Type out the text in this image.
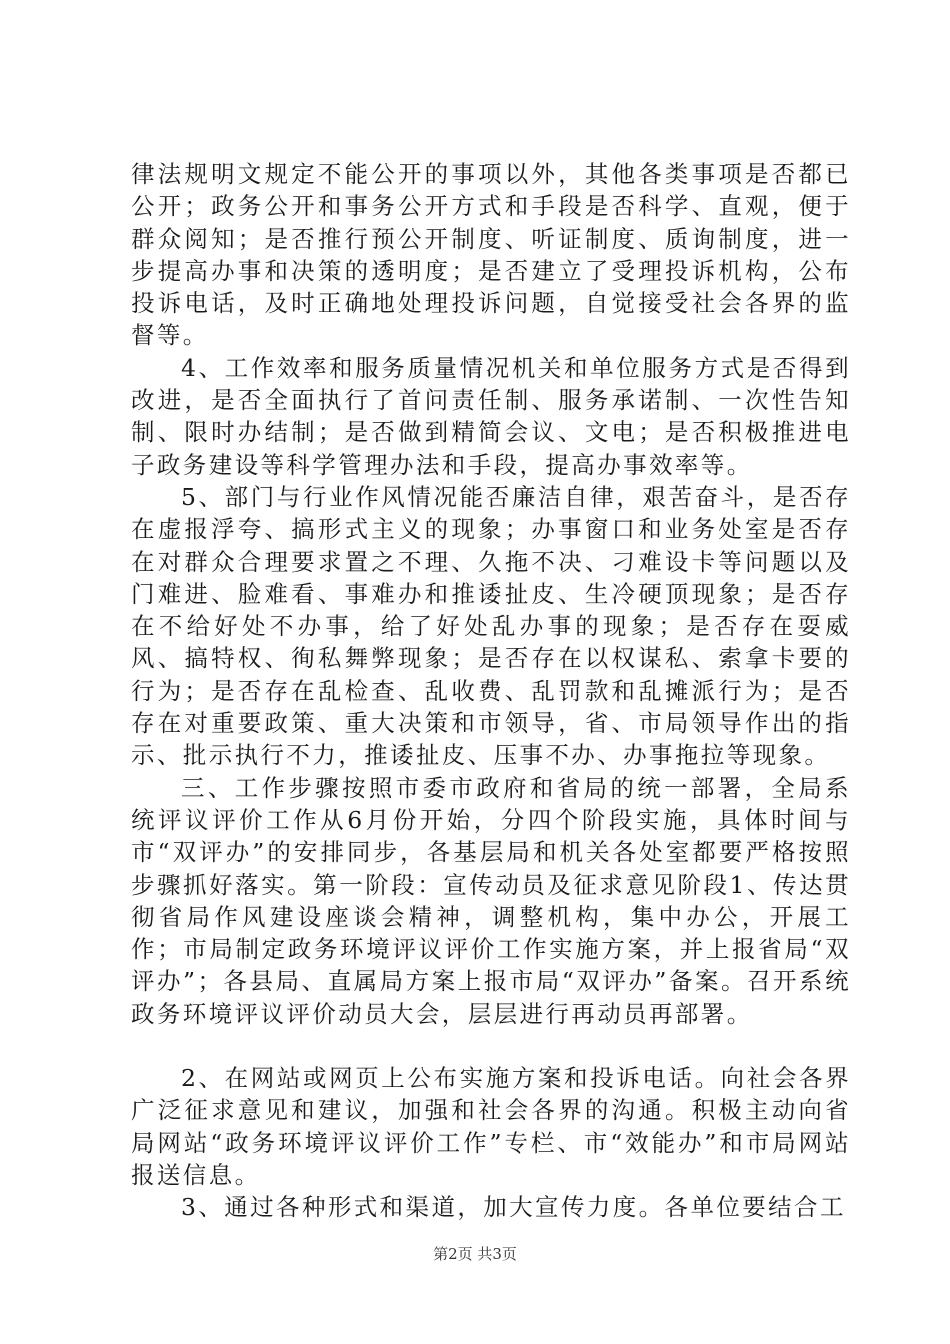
律法规明文规定不能公开的事项以外，其他各类事项是否都已公开；政务公开和事务公开方式和手段是否科学、直观，便于群众阅知；是否推行预公开制度、听证制度、质询制度，进一步提高办事和决策的透明度；是否建立了受理投诉机构，公布投诉电话，及时正确地处理投诉问题，自觉接受社会各界的监督等。

4、工作效率和服务质量情况机关和单位服务方式是否得到改进，是否全面执行了首问责任制、服务承诺制、一次性告知制、限时办结制；是否做到精简会议、文电；是否积极推进电子政务建设等科学管理办法和手段，提高办事效率等。

5、部门与行业作风情况能否廉洁自律，艰苦奋斗，是否存在虚报浮夸、搞形式主义的现象；办事窗口和业务处室是否存在对群众合理要求置之不理、久拖不决、刁难设卡等问题以及门难进、脸难看、事难办和推诿扯皮、生冷硬顶现象；是否存在不给好处不办事，给了好处乱办事的现象；是否存在耍威风、搞特权、徇私舞弊现象；是否存在以权谋私、索拿卡要的行为；是否存在乱检查、乱收费、乱罚款和乱摊派行为；是否存在对重要政策、重大决策和市领导，省、市局领导作出的指示、批示执行不力，推诿扯皮、压事不办、办事拖拉等现象。

三、工作步骤按照市委市政府和省局的统一部署，全局系统评议评价工作从6月份开始，分四个阶段实施，具体时间与市“双评办”的安排同步，各基层局和机关各处室都要严格按照步骤抓好落实。第一阶段：宣传动员及征求意见阶段1、传达贯彻省局作风建设座谈会精神，调整机构，集中办公，开展工作；市局制定政务环境评议评价工作实施方案，并上报省局“双评办”；各县局、直属局方案上报市局“双评办”备案。召开系统政务环境评议评价动员大会，层层进行再动员再部署。

2、在网站或网页上公布实施方案和投诉电话。向社会各界广泛征求意见和建议，加强和社会各界的沟通。积极主动向省局网站“政务环境评议评价工作”专栏、市“效能办”和市局网站报送信息。

3、通过各种形式和渠道，加大宣传力度。各单位要结合工

第2页 共3页
